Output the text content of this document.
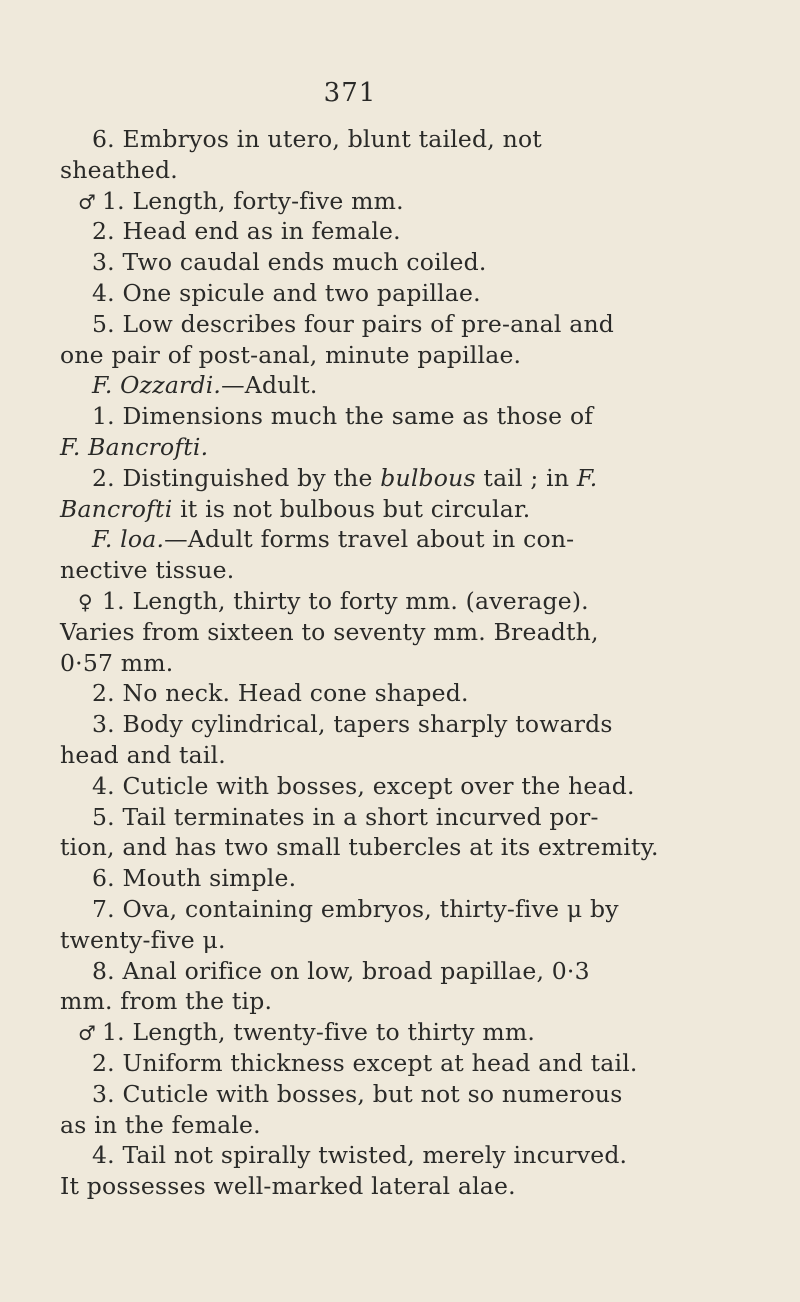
371
6. Embryos in utero, blunt tailed, not
sheathed.
♂ 1. Length, forty-five mm.
2. Head end as in female.
3. Two caudal ends much coiled.
4. One spicule and two papillae.
5. Low describes four pairs of pre-anal and
one pair of post-anal, minute papillae.
F. Ozzardi.—Adult.
1. Dimensions much the same as those of
F. Bancrofti.
2. Distinguished by the bulbous tail ; in F.
Bancrofti it is not bulbous but circular.
F. loa.—Adult forms travel about in con-
nective tissue.
♀ 1. Length, thirty to forty mm. (average).
Varies from sixteen to seventy mm. Breadth,
0·57 mm.
2. No neck. Head cone shaped.
3. Body cylindrical, tapers sharply towards
head and tail.
4. Cuticle with bosses, except over the head.
5. Tail terminates in a short incurved por-
tion, and has two small tubercles at its extremity.
6. Mouth simple.
7. Ova, containing embryos, thirty-five μ by
twenty-five μ.
8. Anal orifice on low, broad papillae, 0·3
mm. from the tip.
♂ 1. Length, twenty-five to thirty mm.
2. Uniform thickness except at head and tail.
3. Cuticle with bosses, but not so numerous
as in the female.
4. Tail not spirally twisted, merely incurved.
It possesses well-marked lateral alae.
